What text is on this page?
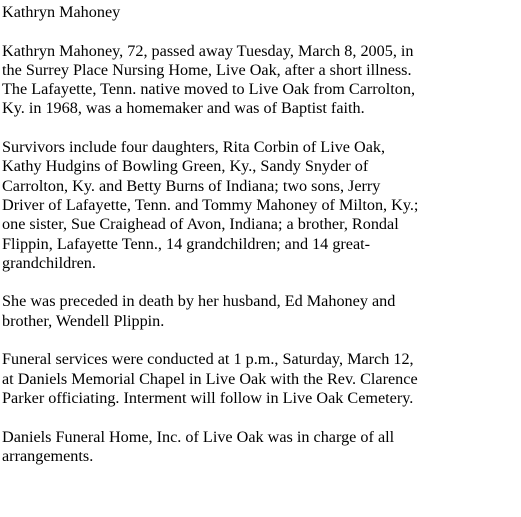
Kathryn Mahoney
Kathryn Mahoney, 72, passed away Tuesday, March 8, 2005, in
the Surrey Place Nursing Home, Live Oak, after a short illness.
The Lafayette, Tenn. native moved to Live Oak from Carrolton,
Ky. in 1968, was a homemaker and was of Baptist faith.
Survivors include four daughters, Rita Corbin of Live Oak,
Kathy Hudgins of Bowling Green, Ky., Sandy Snyder of
Carrolton, Ky. and Betty Burns of Indiana; two sons, Jerry
Driver of Lafayette, Tenn. and Tommy Mahoney of Milton, Ky.;
one sister, Sue Craighead of Avon, Indiana; a brother, Rondal
Flippin, Lafayette Tenn., 14 grandchildren; and 14 great-
grandchildren.
She was preceded in death by her husband, Ed Mahoney and
brother, Wendell Plippin.
Funeral services were conducted at 1 p.m., Saturday, March 12,
at Daniels Memorial Chapel in Live Oak with the Rev. Clarence
Parker officiating. Interment will follow in Live Oak Cemetery.
Daniels Funeral Home, Inc. of Live Oak was in charge of all
arrangements.
